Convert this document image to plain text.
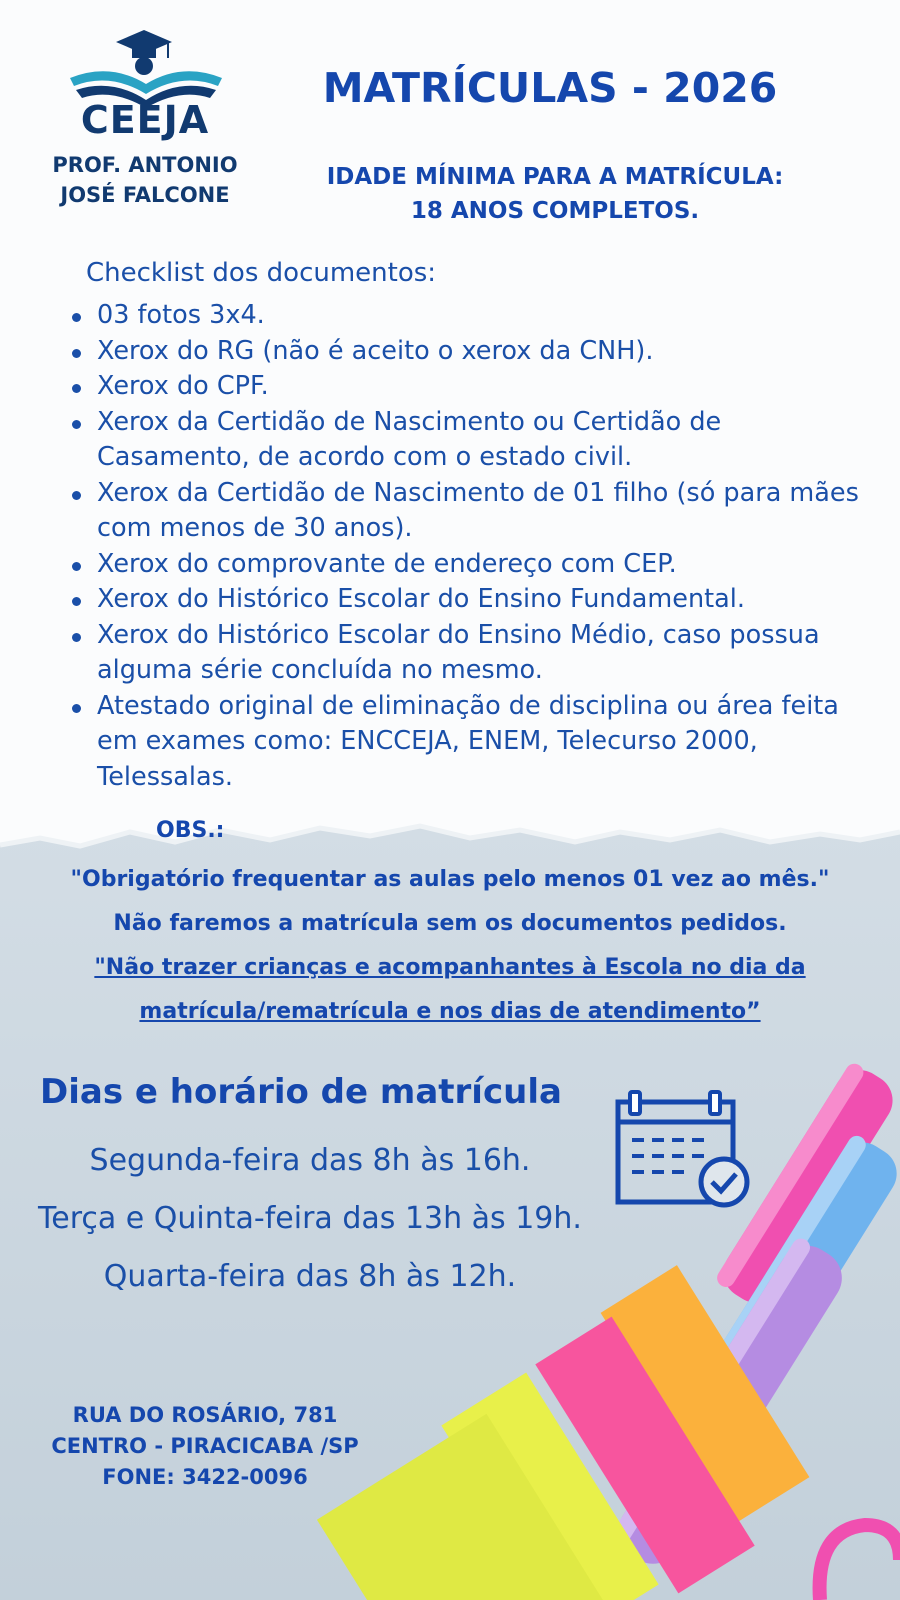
CEEJA
PROF. ANTONIO
JOSÉ FALCONE
MATRÍCULAS - 2026
IDADE MÍNIMA PARA A MATRÍCULA:
18 ANOS COMPLETOS.
Checklist dos documentos:
03 fotos 3x4.
Xerox do RG (não é aceito o xerox da CNH).
Xerox do CPF.
Xerox da Certidão de Nascimento ou Certidão de Casamento, de acordo com o estado civil.
Xerox da Certidão de Nascimento de 01 filho (só para mães com menos de 30 anos).
Xerox do comprovante de endereço com CEP.
Xerox do Histórico Escolar do Ensino Fundamental.
Xerox do Histórico Escolar do Ensino Médio, caso possua alguma série concluída no mesmo.
Atestado original de eliminação de disciplina ou área feita em exames como: ENCCEJA, ENEM, Telecurso 2000, Telessalas.
OBS.:
"Obrigatório frequentar as aulas pelo menos 01 vez ao mês."
Não faremos a matrícula sem os documentos pedidos.
"Não trazer crianças e acompanhantes à Escola no dia da
matrícula/rematrícula e nos dias de atendimento”
Dias e horário de matrícula
Segunda-feira das 8h às 16h.
Terça e Quinta-feira das 13h às 19h.
Quarta-feira das 8h às 12h.
RUA DO ROSÁRIO, 781
CENTRO - PIRACICABA /SP
FONE: 3422-0096
